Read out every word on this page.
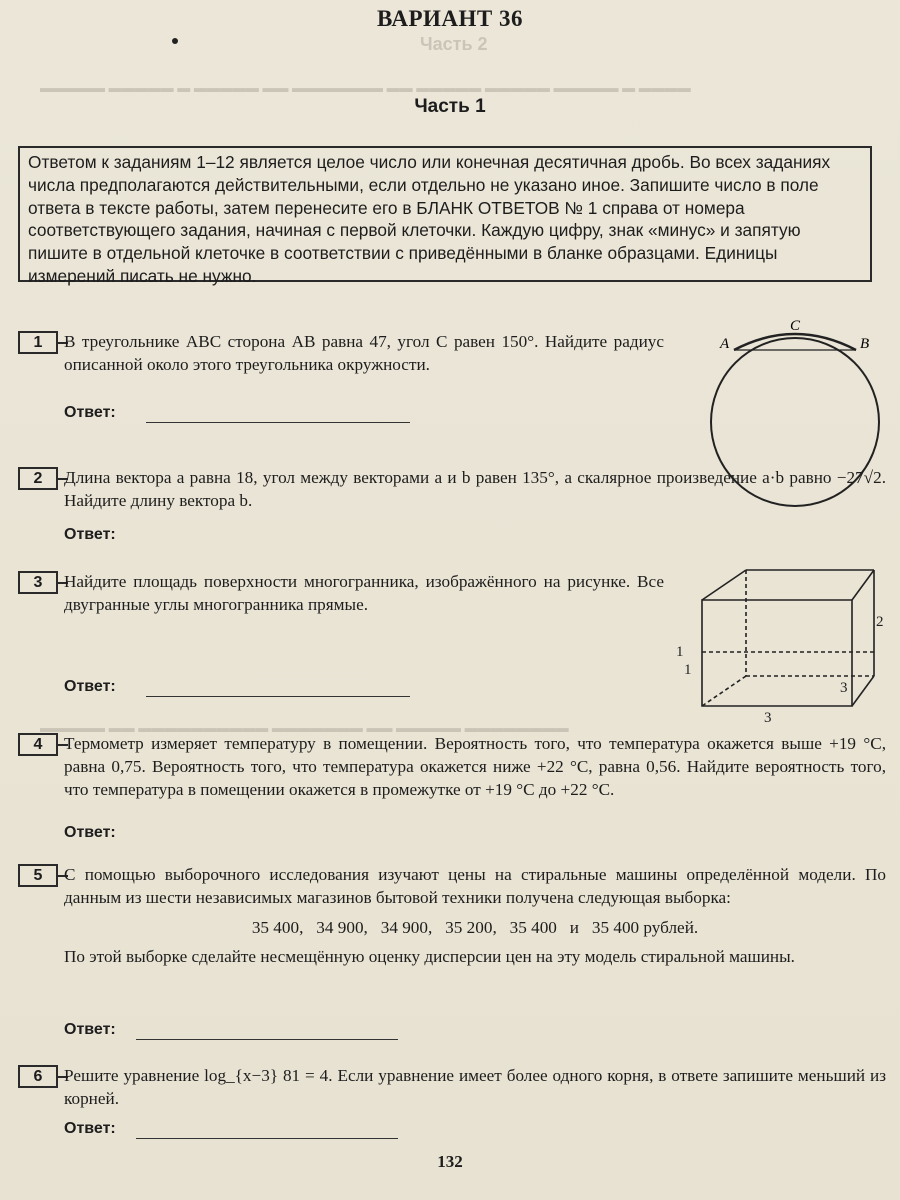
Часть 2
▬▬▬▬▬ ▬▬▬▬▬ ▬ ▬▬▬▬▬ ▬▬ ▬▬▬▬▬▬▬ ▬▬ ▬▬▬▬▬ ▬▬▬▬▬ ▬▬▬▬▬ ▬ ▬▬▬▬
▬▬▬▬▬ ▬▬ ▬▬▬▬▬▬▬▬▬▬ ▬▬▬▬▬▬▬ ▬▬ ▬▬▬▬▬ ▬▬▬▬▬▬▬▬
ВАРИАНТ 36
Часть 1
Ответом к заданиям 1–12 является целое число или конечная десятичная дробь. Во всех заданиях числа предполагаются действительными, если отдельно не указано иное. Запишите число в поле ответа в тексте работы, затем перенесите его в БЛАНК ОТВЕТОВ № 1 справа от номера соответствующего задания, начиная с первой клеточки. Каждую цифру, знак «минус» и запятую пишите в отдельной клеточке в соответствии с приведёнными в бланке образцами. Единицы измерений писать не нужно.
1	В треугольнике ABC сторона AB равна 47, угол C равен 150°. Найдите радиус описанной около этого треугольника окружности.
Ответ:
A	B
C
2	Длина вектора a равна 18, угол между векторами a и b равен 135°, а скалярное произведение a·b равно −27√2. Найдите длину вектора b.
Ответ:
3	Найдите площадь поверхности многогранника, изображённого на рисунке. Все двугранные углы многогранника прямые.
Ответ:
2
1
1
3
3
4	Термометр измеряет температуру в помещении. Вероятность того, что температура окажется выше +19 °C, равна 0,75. Вероятность того, что температура окажется ниже +22 °C, равна 0,56. Найдите вероятность того, что температура в помещении окажется в промежутке от +19 °C до +22 °C.
Ответ:
5	С помощью выборочного исследования изучают цены на стиральные машины определённой модели. По данным из шести независимых магазинов бытовой техники получена следующая выборка:
35 400,   34 900,   34 900,   35 200,   35 400   и   35 400 рублей.
По этой выборке сделайте несмещённую оценку дисперсии цен на эту модель стиральной машины.
Ответ:
6	Решите уравнение log_{x−3} 81 = 4. Если уравнение имеет более одного корня, в ответе запишите меньший из корней.
Ответ:
132
